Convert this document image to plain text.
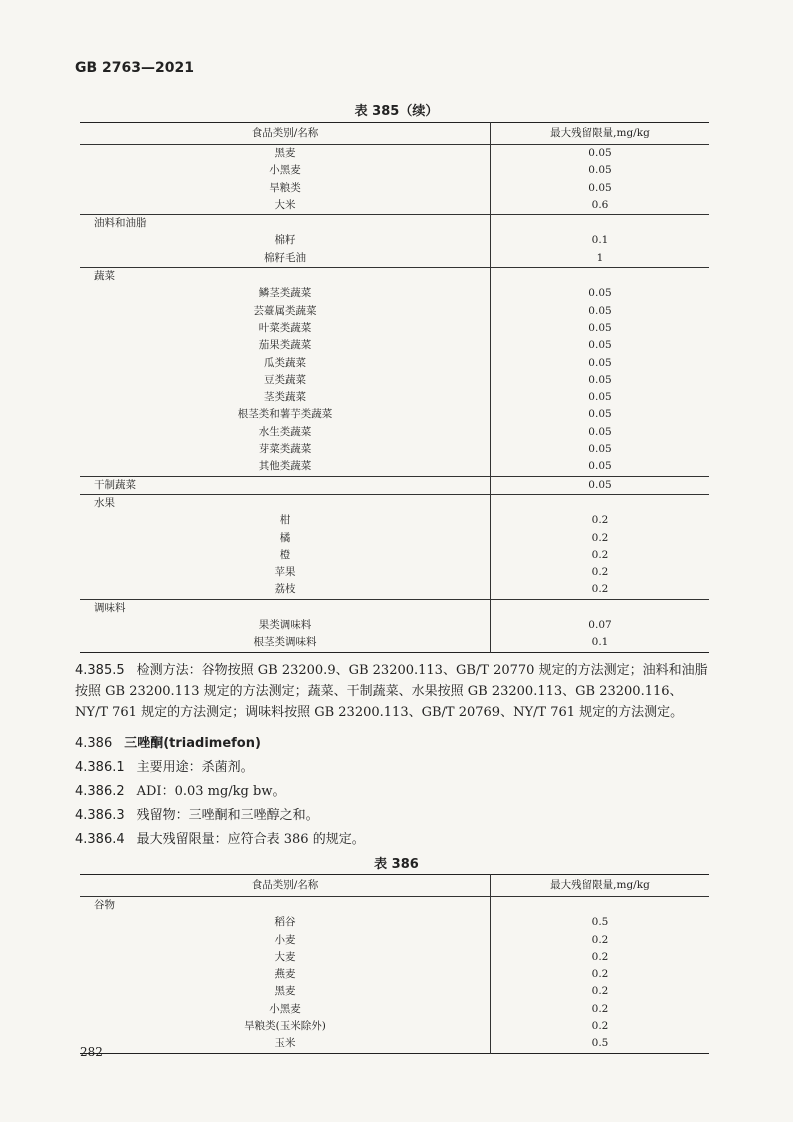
GB 2763—2021
表 385（续）
食品类别/名称	最大残留限量,mg/kg
黑麦	0.05
小黑麦	0.05
旱粮类	0.05
大米	0.6
油料和油脂	
棉籽	0.1
棉籽毛油	1
蔬菜	
鳞茎类蔬菜	0.05
芸薹属类蔬菜	0.05
叶菜类蔬菜	0.05
茄果类蔬菜	0.05
瓜类蔬菜	0.05
豆类蔬菜	0.05
茎类蔬菜	0.05
根茎类和薯芋类蔬菜	0.05
水生类蔬菜	0.05
芽菜类蔬菜	0.05
其他类蔬菜	0.05
干制蔬菜	0.05
水果	
柑	0.2
橘	0.2
橙	0.2
苹果	0.2
荔枝	0.2
调味料	
果类调味料	0.07
根茎类调味料	0.1
4.385.5 检测方法：谷物按照 GB 23200.9、GB 23200.113、GB/T 20770 规定的方法测定；油料和油脂按照 GB 23200.113 规定的方法测定；蔬菜、干制蔬菜、水果按照 GB 23200.113、GB 23200.116、NY/T 761 规定的方法测定；调味料按照 GB 23200.113、GB/T 20769、NY/T 761 规定的方法测定。
4.386 三唑酮(triadimefon)
4.386.1 主要用途：杀菌剂。
4.386.2 ADI：0.03 mg/kg bw。
4.386.3 残留物：三唑酮和三唑醇之和。
4.386.4 最大残留限量：应符合表 386 的规定。
表 386
食品类别/名称	最大残留限量,mg/kg
谷物	
稻谷	0.5
小麦	0.2
大麦	0.2
燕麦	0.2
黑麦	0.2
小黑麦	0.2
旱粮类(玉米除外)	0.2
玉米	0.5
282
